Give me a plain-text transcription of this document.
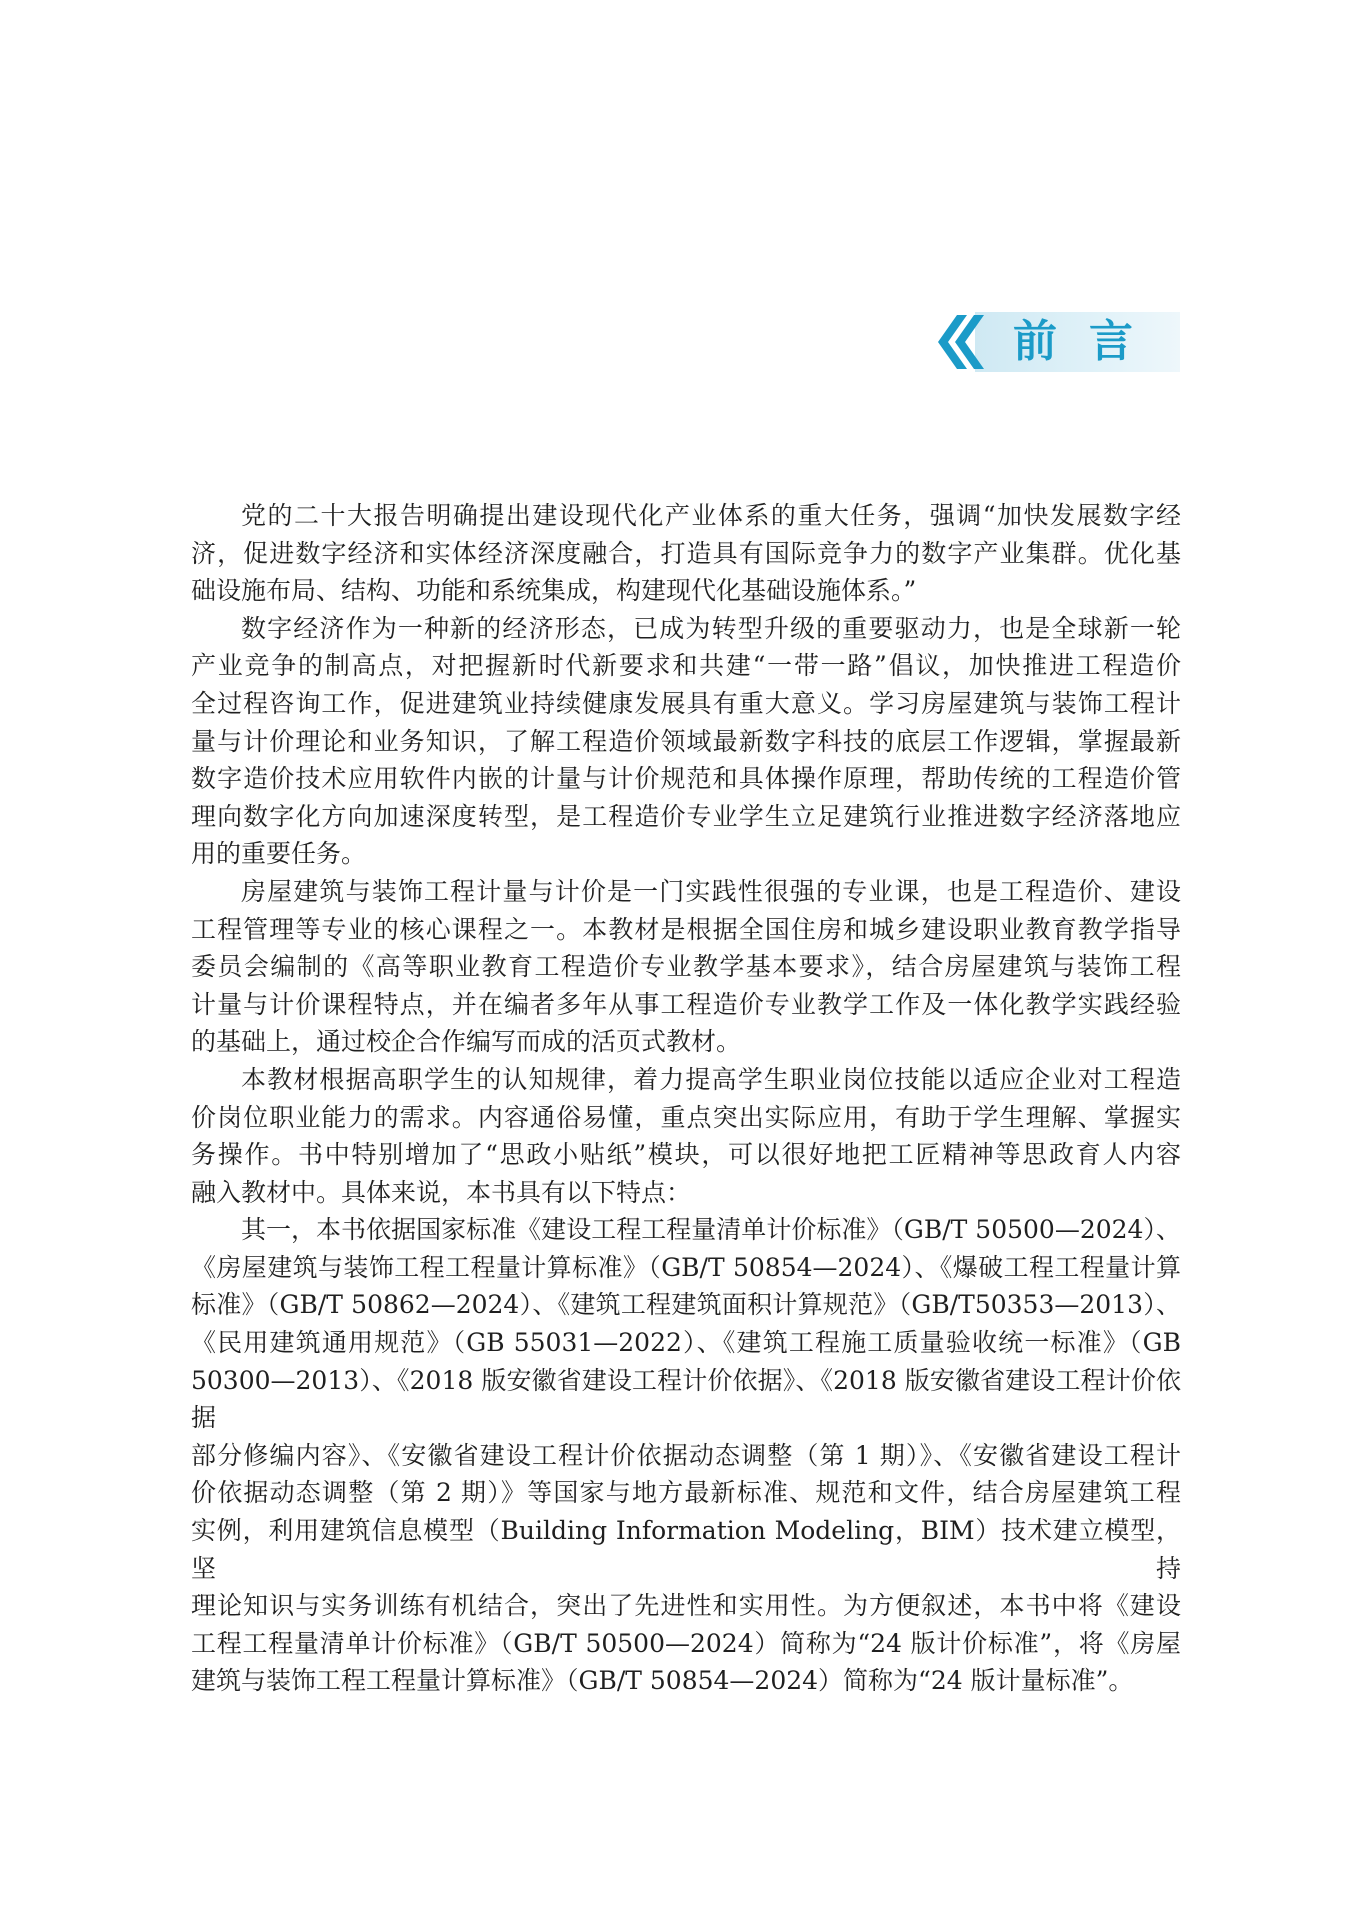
前言

党的二十大报告明确提出建设现代化产业体系的重大任务，强调“加快发展数字经

济，促进数字经济和实体经济深度融合，打造具有国际竞争力的数字产业集群。优化基

础设施布局、结构、功能和系统集成，构建现代化基础设施体系。”

数字经济作为一种新的经济形态，已成为转型升级的重要驱动力，也是全球新一轮

产业竞争的制高点，对把握新时代新要求和共建“一带一路”倡议，加快推进工程造价

全过程咨询工作，促进建筑业持续健康发展具有重大意义。学习房屋建筑与装饰工程计

量与计价理论和业务知识，了解工程造价领域最新数字科技的底层工作逻辑，掌握最新

数字造价技术应用软件内嵌的计量与计价规范和具体操作原理，帮助传统的工程造价管

理向数字化方向加速深度转型，是工程造价专业学生立足建筑行业推进数字经济落地应

用的重要任务。

房屋建筑与装饰工程计量与计价是一门实践性很强的专业课，也是工程造价、建设

工程管理等专业的核心课程之一。本教材是根据全国住房和城乡建设职业教育教学指导

委员会编制的《高等职业教育工程造价专业教学基本要求》，结合房屋建筑与装饰工程

计量与计价课程特点，并在编者多年从事工程造价专业教学工作及一体化教学实践经验

的基础上，通过校企合作编写而成的活页式教材。

本教材根据高职学生的认知规律，着力提高学生职业岗位技能以适应企业对工程造

价岗位职业能力的需求。内容通俗易懂，重点突出实际应用，有助于学生理解、掌握实

务操作。书中特别增加了“思政小贴纸”模块，可以很好地把工匠精神等思政育人内容

融入教材中。具体来说，本书具有以下特点：

其一，本书依据国家标准《建设工程工程量清单计价标准》（GB/T 50500—2024）、

《房屋建筑与装饰工程工程量计算标准》（GB/T 50854—2024）、《爆破工程工程量计算

标准》（GB/T 50862—2024）、《建筑工程建筑面积计算规范》（GB/T50353—2013）、

《民用建筑通用规范》（GB 55031—2022）、《建筑工程施工质量验收统一标准》（GB

50300—2013）、《2018 版安徽省建设工程计价依据》、《2018 版安徽省建设工程计价依据

部分修编内容》、《安徽省建设工程计价依据动态调整（第 1 期）》、《安徽省建设工程计

价依据动态调整（第 2 期）》等国家与地方最新标准、规范和文件，结合房屋建筑工程

实例，利用建筑信息模型（Building Information Modeling，BIM）技术建立模型，坚持

理论知识与实务训练有机结合，突出了先进性和实用性。为方便叙述，本书中将《建设

工程工程量清单计价标准》（GB/T 50500—2024）简称为“24 版计价标准”，将《房屋

建筑与装饰工程工程量计算标准》（GB/T 50854—2024）简称为“24 版计量标准”。
